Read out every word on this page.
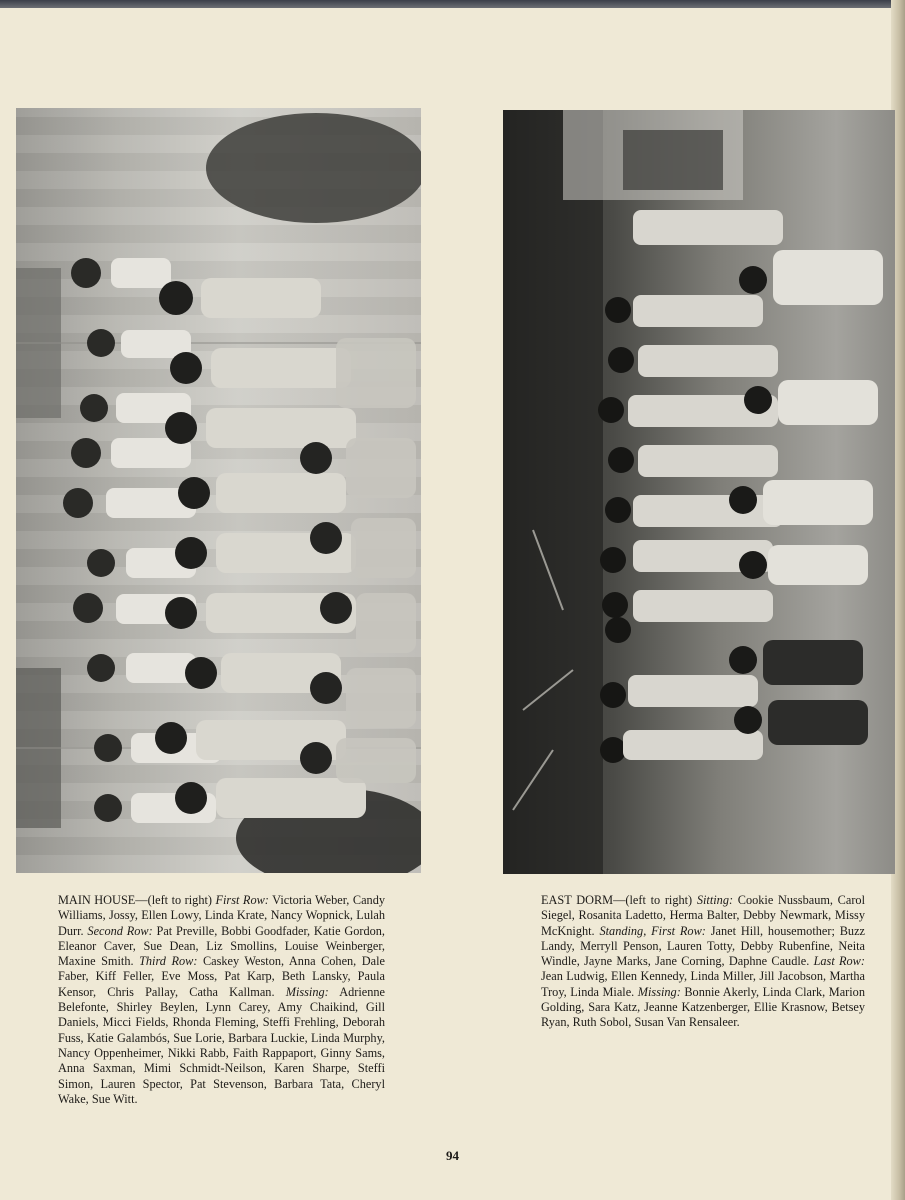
MAIN HOUSE—(left to right) First Row: Victoria Weber, Candy Williams, Jossy, Ellen Lowy, Linda Krate, Nancy Wopnick, Lulah Durr. Second Row: Pat Preville, Bobbi Goodfader, Katie Gordon, Eleanor Caver, Sue Dean, Liz Smollins, Louise Weinberger, Maxine Smith. Third Row: Caskey Weston, Anna Cohen, Dale Faber, Kiff Feller, Eve Moss, Pat Karp, Beth Lansky, Paula Kensor, Chris Pallay, Catha Kallman. Missing: Adrienne Belefonte, Shirley Beylen, Lynn Carey, Amy Chaikind, Gill Daniels, Micci Fields, Rhonda Fleming, Steffi Frehling, Deborah Fuss, Katie Galambós, Sue Lorie, Barbara Luckie, Linda Murphy, Nancy Oppenheimer, Nikki Rabb, Faith Rappaport, Ginny Sams, Anna Saxman, Mimi Schmidt-Neilson, Karen Sharpe, Steffi Simon, Lauren Spector, Pat Stevenson, Barbara Tata, Cheryl Wake, Sue Witt.
EAST DORM—(left to right) Sitting: Cookie Nussbaum, Carol Siegel, Rosanita Ladetto, Herma Balter, Debby Newmark, Missy McKnight. Standing, First Row: Janet Hill, housemother; Buzz Landy, Merryll Penson, Lauren Totty, Debby Rubenfine, Neita Windle, Jayne Marks, Jane Corning, Daphne Caudle. Last Row: Jean Ludwig, Ellen Kennedy, Linda Miller, Jill Jacobson, Martha Troy, Linda Miale. Missing: Bonnie Akerly, Linda Clark, Marion Golding, Sara Katz, Jeanne Katzenberger, Ellie Krasnow, Betsey Ryan, Ruth Sobol, Susan Van Rensaleer.
94
